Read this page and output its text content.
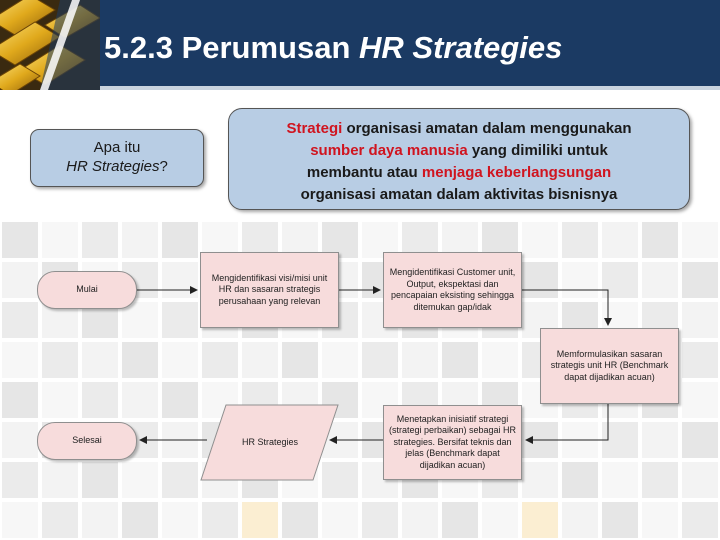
5.2.3 Perumusan HR Strategies
Apa itu
HR Strategies?
Strategi organisasi amatan dalam menggunakan
sumber daya manusia yang dimiliki untuk
membantu atau menjaga keberlangsungan
organisasi amatan dalam aktivitas bisnisnya
Mulai
Mengidentifikasi visi/misi unit HR dan sasaran strategis perusahaan yang relevan
Mengidentifikasi Customer unit, Output, ekspektasi dan pencapaian eksisting sehingga ditemukan gap/idak
Memformulasikan sasaran strategis unit HR (Benchmark dapat dijadikan acuan)
Menetapkan inisiatif strategi (strategi perbaikan) sebagai HR strategies. Bersifat teknis dan jelas (Benchmark dapat dijadikan acuan)
HR Strategies
Selesai
